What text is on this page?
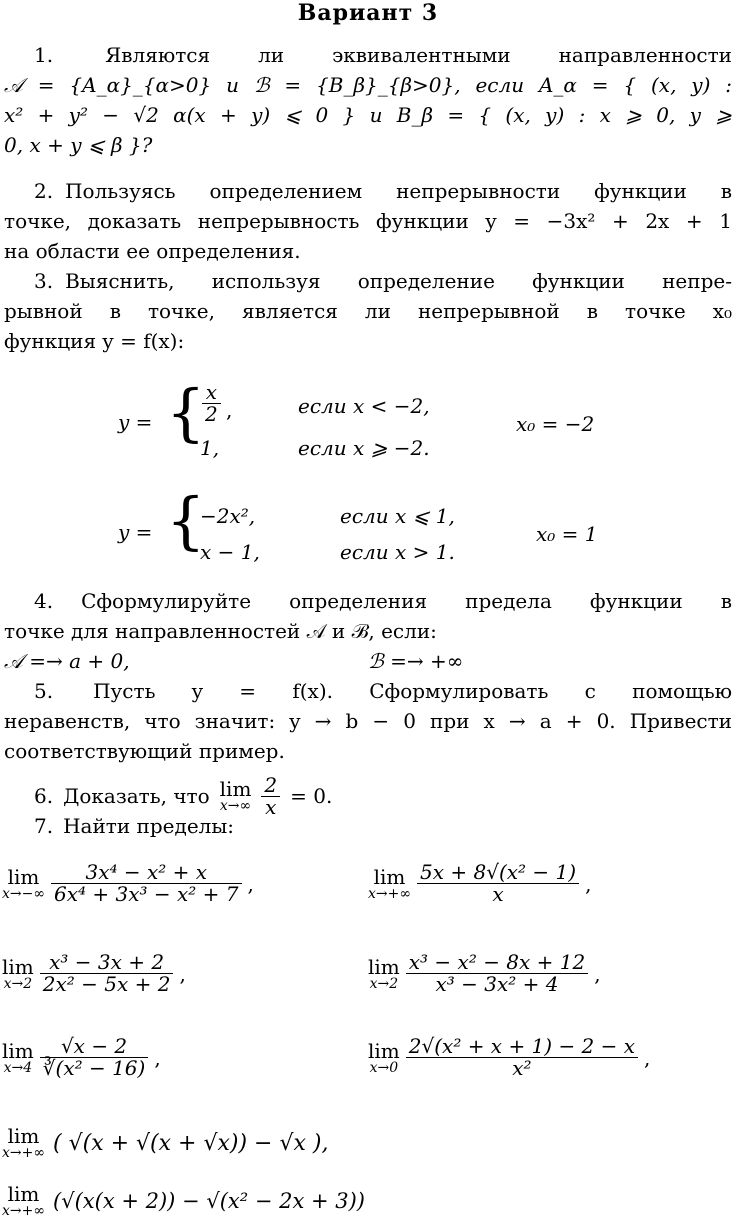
Вариант 3
1.	Являются ли эквивалентными направленности
𝒜 = {A_α}_{α>0} и ℬ = {B_β}_{β>0}, если A_α = { (x, y) :
x² + y² − √2 α(x + y) ⩽ 0 } и B_β = { (x, y) : x ⩾ 0, y ⩾
0, x + y ⩽ β }?
2. Пользуясь определением непрерывности функции в
точке, доказать непрерывность функции y = −3x² + 2x + 1
на области ее определения.
3. Выяснить, используя определение функции непре-
рывной в точке, является ли непрерывной в точке x₀
функция y = f(x):
y = {
$\frac{x}{2}$ ,	если x < −2,
1,	если x ⩾ −2.
x₀ = −2
y = {
−2x²,	если x ⩽ 1,
x − 1,	если x > 1.
x₀ = 1
4. Сформулируйте определения предела функции в
точке для направленностей 𝒜 и ℬ, если:
𝒜 =→ a + 0,	ℬ =→ +∞
5. Пусть y = f(x). Сформулировать с помощью
неравенств, что значит: y → b − 0 при x → a + 0. Привести
соответствующий пример.
6. Доказать, что lim
$x\to\infty \frac{2}{x} = 0$.
7. Найти пределы:
lim
$x\to-\infty \frac{\text{3x⁴ − x² + x}}{\text{6x⁴ + 3x³ − x² + 7}}$ ,	lim
$x\to+\infty \frac{\text{5x + 8√(x² − 1)}}{x}$ ,
lim
$x\to 2 \frac{\text{x³ − 3x + 2}}{\text{2x² − 5x + 2}}$ ,	lim
$x\to 2 \frac{\text{x³ − x² − 8x + 12}}{\text{x³ − 3x² + 4}}$ ,
lim
$x\to 4 \frac{√x - 2}{\text{∛(x² − 16)}}$ ,	lim
$x\to 0 \frac{\text{2√(x² + x + 1) − 2 − x}}{\text{x²}}$ ,
lim
x→+∞ ( √(x + √(x + √x)) − √x ),
lim
x→+∞ (√(x(x + 2)) − √(x² − 2x + 3))
